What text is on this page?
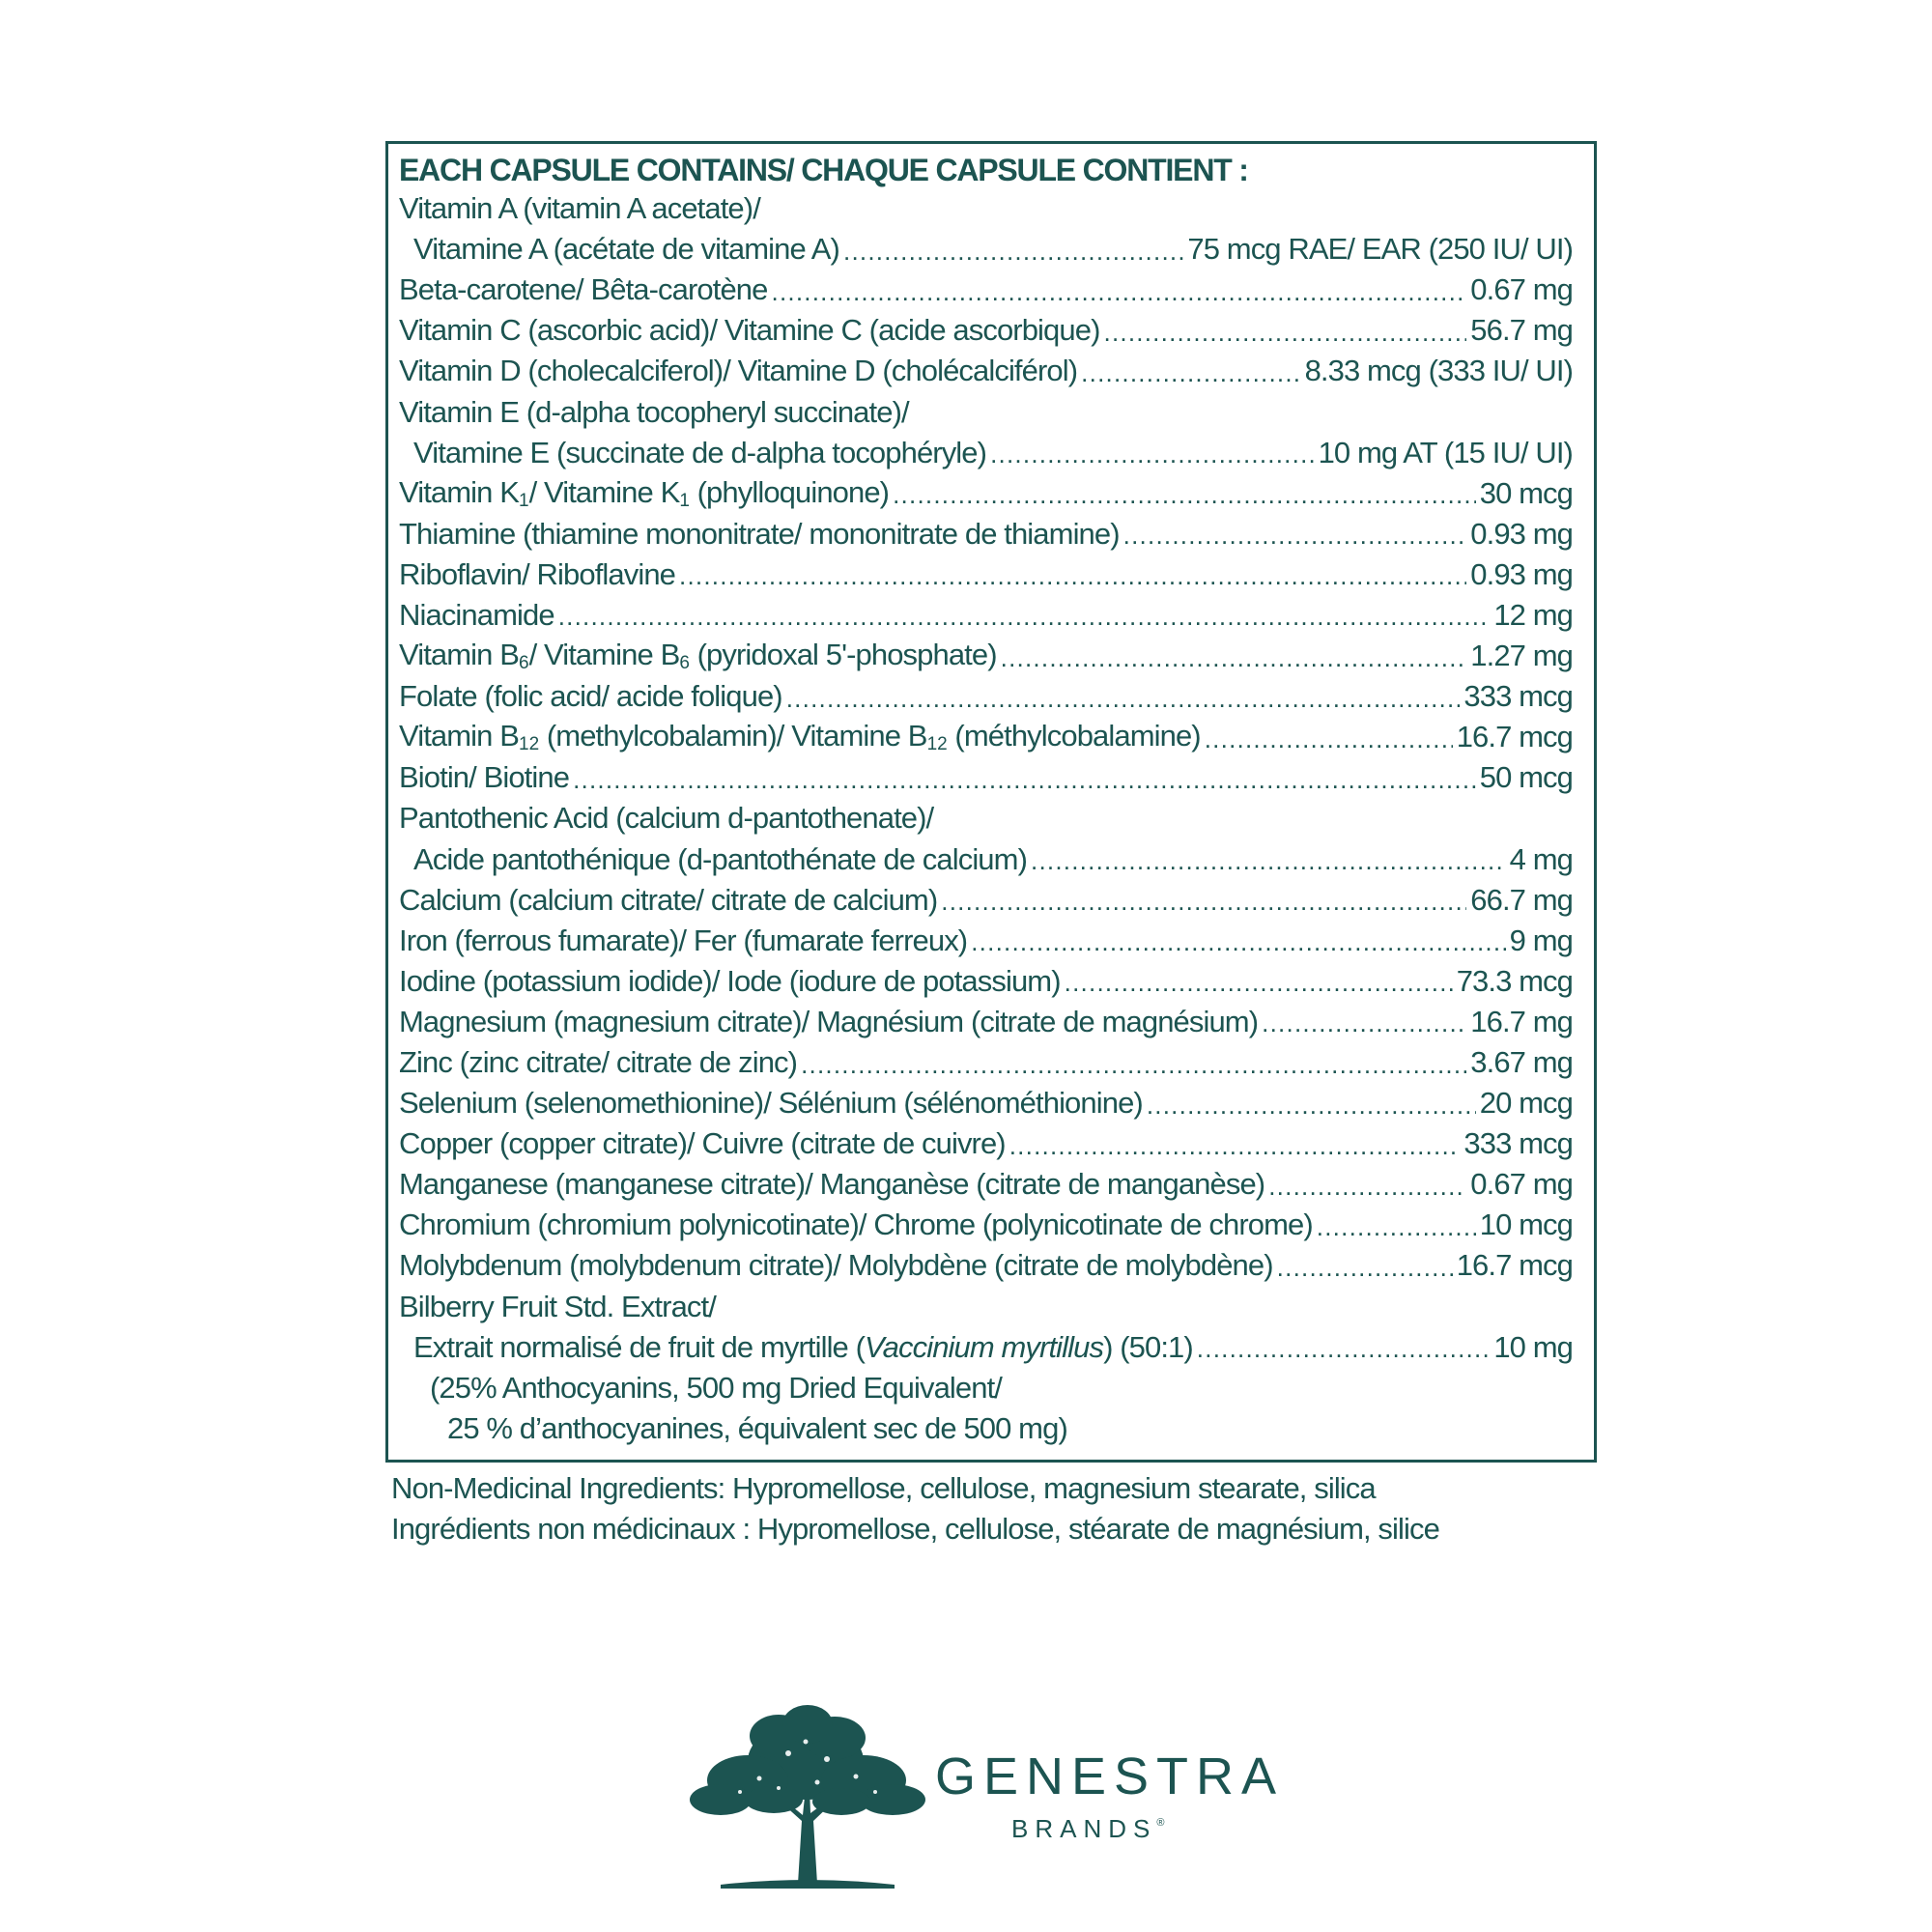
EACH CAPSULE CONTAINS/ CHAQUE CAPSULE CONTIENT :
Vitamin A (vitamin A acetate)/
Vitamine A (acétate de vitamine A) . . .	75 mcg RAE/ EAR (250 IU/ UI)
Beta-carotene/ Bêta-carotène . . .	0.67 mg
Vitamin C (ascorbic acid)/ Vitamine C (acide ascorbique) . . .	56.7 mg
Vitamin D (cholecalciferol)/ Vitamine D (cholécalciférol) . . .	8.33 mcg (333 IU/ UI)
Vitamin E (d-alpha tocopheryl succinate)/
Vitamine E (succinate de d-alpha tocophéryle) . . .	10 mg AT (15 IU/ UI)
Vitamin $K_1/$ Vitamine $K_1$ (phylloquinone) . . .	30 mcg
Thiamine (thiamine mononitrate/ mononitrate de thiamine) . . .	0.93 mg
Riboflavin/ Riboflavine . . .	0.93 mg
Niacinamide . . .	12 mg
Vitamin $B_6/$ Vitamine $B_6$ (pyridoxal 5'-phosphate) . . .	1.27 mg
Folate (folic acid/ acide folique) . . .	333 mcg
Vitamin $B_{12}$ (methylcobalamin)/ Vitamine $B_{12}$ (méthylcobalamine) . . .	16.7 mcg
Biotin/ Biotine . . .	50 mcg
Pantothenic Acid (calcium d-pantothenate)/
Acide pantothénique (d-pantothénate de calcium) . . .	4 mg
Calcium (calcium citrate/ citrate de calcium) . . .	66.7 mg
Iron (ferrous fumarate)/ Fer (fumarate ferreux) . . .	9 mg
Iodine (potassium iodide)/ Iode (iodure de potassium) . . .	73.3 mcg
Magnesium (magnesium citrate)/ Magnésium (citrate de magnésium) . . .	16.7 mg
Zinc (zinc citrate/ citrate de zinc) . . .	3.67 mg
Selenium (selenomethionine)/ Sélénium (sélénométhionine) . . .	20 mcg
Copper (copper citrate)/ Cuivre (citrate de cuivre) . . .	333 mcg
Manganese (manganese citrate)/ Manganèse (citrate de manganèse) . . .	0.67 mg
Chromium (chromium polynicotinate)/ Chrome (polynicotinate de chrome) . . .	10 mcg
Molybdenum (molybdenum citrate)/ Molybdène (citrate de molybdène) . . .	16.7 mcg
Bilberry Fruit Std. Extract/
Extrait normalisé de fruit de myrtille (Vaccinium myrtillus) (50:1) . . .	10 mg
(25% Anthocyanins, 500 mg Dried Equivalent/
25 % d’anthocyanines, équivalent sec de 500 mg)
Non-Medicinal Ingredients: Hypromellose, cellulose, magnesium stearate, silica
Ingrédients non médicinaux : Hypromellose, cellulose, stéarate de magnésium, silice
GENESTRA
BRANDS®
